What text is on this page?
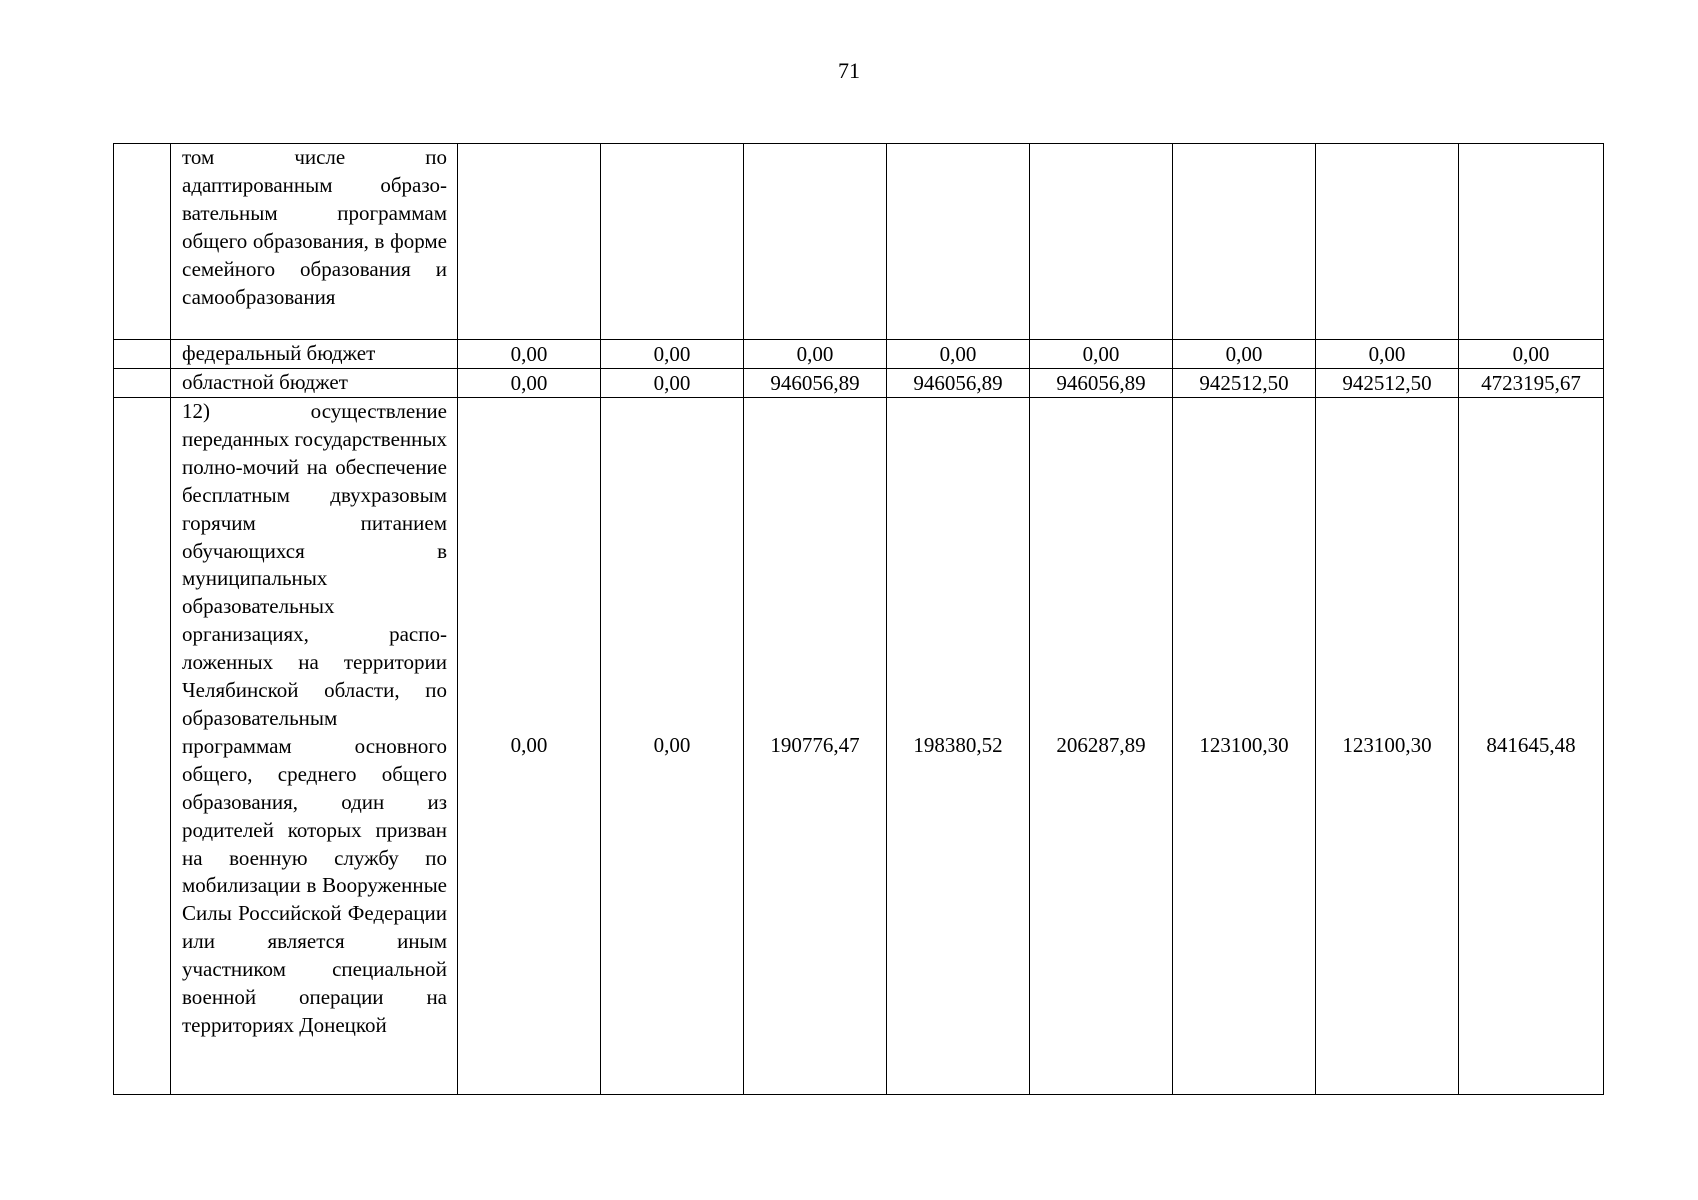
71
	том числе по адаптированным образо-вательным программам общего образования, в форме семейного образования и самообразования								
	федеральный бюджет	0,00	0,00	0,00	0,00	0,00	0,00	0,00	0,00
	областной бюджет	0,00	0,00	946056,89	946056,89	946056,89	942512,50	942512,50	4723195,67
	12) осуществление переданных государственных полно-мочий на обеспечение бесплатным двухразовым горячим питанием обучающихся в муниципальных образовательных организациях, распо-ложенных на территории Челябинской области, по образовательным программам основного общего, среднего общего образования, один из родителей которых призван на военную службу по мобилизации в Вооруженные Силы Российской Федерации или является иным участником специальной военной операции на территориях Донецкой	0,00	0,00	190776,47	198380,52	206287,89	123100,30	123100,30	841645,48
